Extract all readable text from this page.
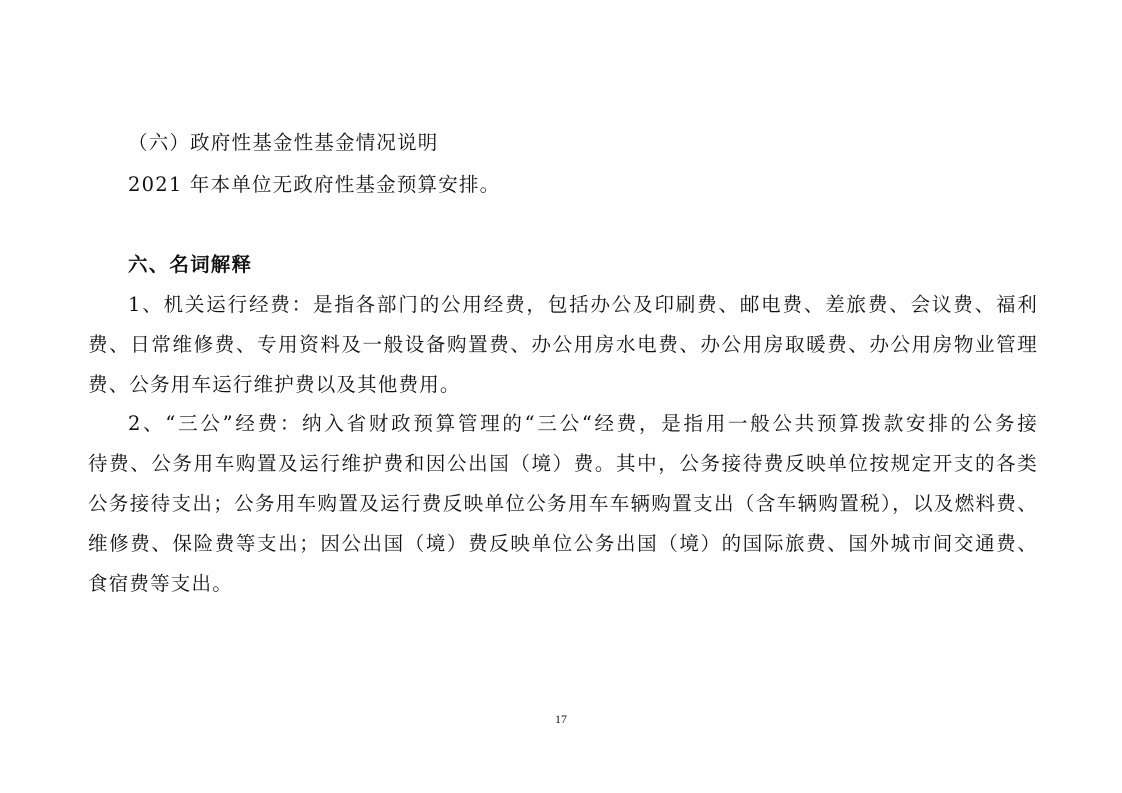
（六）政府性基金性基金情况说明
2021 年本单位无政府性基金预算安排。
六、名词解释
1、机关运行经费：是指各部门的公用经费，包括办公及印刷费、邮电费、差旅费、会议费、福利
费、日常维修费、专用资料及一般设备购置费、办公用房水电费、办公用房取暖费、办公用房物业管理
费、公务用车运行维护费以及其他费用。
2、“三公”经费：纳入省财政预算管理的“三公“经费，是指用一般公共预算拨款安排的公务接
待费、公务用车购置及运行维护费和因公出国（境）费。其中，公务接待费反映单位按规定开支的各类
公务接待支出；公务用车购置及运行费反映单位公务用车车辆购置支出（含车辆购置税），以及燃料费、
维修费、保险费等支出；因公出国（境）费反映单位公务出国（境）的国际旅费、国外城市间交通费、
食宿费等支出。
17
